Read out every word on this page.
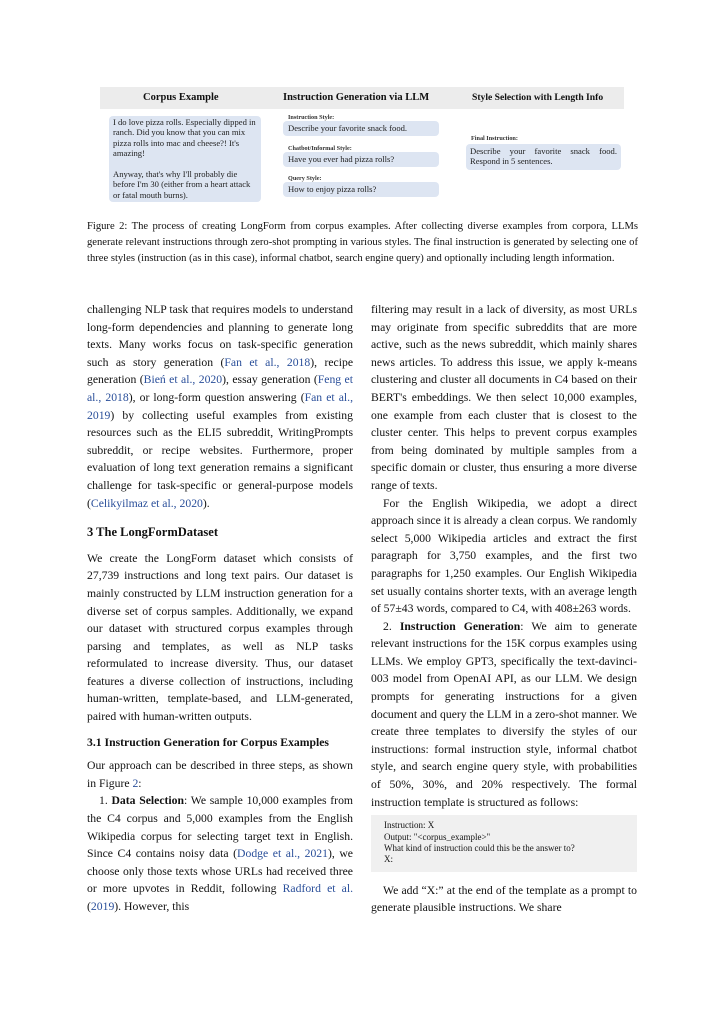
Corpus Example	Instruction Generation via LLM	Style Selection with Length Info
I do love pizza rolls. Especially dipped in ranch. Did you know that you can mix pizza rolls into mac and cheese?! It's amazing!

Anyway, that's why I'll probably die before I'm 30 (either from a heart attack or fatal mouth burns).
Instruction Style:
Describe your favorite snack food.
Chatbot/Informal Style:
Have you ever had pizza rolls?
Query Style:
How to enjoy pizza rolls?
Final Instruction:
Describe your favorite snack food. Respond in 5 sentences.
Figure 2: The process of creating LongForm from corpus examples. After collecting diverse examples from corpora, LLMs generate relevant instructions through zero-shot prompting in various styles. The final instruction is generated by selecting one of three styles (instruction (as in this case), informal chatbot, search engine query) and optionally including length information.

challenging NLP task that requires models to understand long-form dependencies and planning to generate long texts. Many works focus on task-specific generation such as story generation (Fan et al., 2018), recipe generation (Bień et al., 2020), essay generation (Feng et al., 2018), or long-form question answering (Fan et al., 2019) by collecting useful examples from existing resources such as the ELI5 subreddit, WritingPrompts subreddit, or recipe websites. Furthermore, proper evaluation of long text generation remains a significant challenge for task-specific or general-purpose models (Celikyilmaz et al., 2020).

3 The LongFormDataset

We create the LongForm dataset which consists of 27,739 instructions and long text pairs. Our dataset is mainly constructed by LLM instruction generation for a diverse set of corpus samples. Additionally, we expand our dataset with structured corpus examples through parsing and templates, as well as NLP tasks reformulated to increase diversity. Thus, our dataset features a diverse collection of instructions, including human-written, template-based, and LLM-generated, paired with human-written outputs.

3.1 Instruction Generation for Corpus Examples

Our approach can be described in three steps, as shown in Figure 2:

1. Data Selection: We sample 10,000 examples from the C4 corpus and 5,000 examples from the English Wikipedia corpus for selecting target text in English. Since C4 contains noisy data (Dodge et al., 2021), we choose only those texts whose URLs had received three or more upvotes in Reddit, following Radford et al. (2019). However, this

filtering may result in a lack of diversity, as most URLs may originate from specific subreddits that are more active, such as the news subreddit, which mainly shares news articles. To address this issue, we apply k-means clustering and cluster all documents in C4 based on their BERT's embeddings. We then select 10,000 examples, one example from each cluster that is closest to the cluster center. This helps to prevent corpus examples from being dominated by multiple samples from a specific domain or cluster, thus ensuring a more diverse range of texts.

For the English Wikipedia, we adopt a direct approach since it is already a clean corpus. We randomly select 5,000 Wikipedia articles and extract the first paragraph for 3,750 examples, and the first two paragraphs for 1,250 examples. Our English Wikipedia set usually contains shorter texts, with an average length of 57±43 words, compared to C4, with 408±263 words.

2. Instruction Generation: We aim to generate relevant instructions for the 15K corpus examples using LLMs. We employ GPT3, specifically the text-davinci-003 model from OpenAI API, as our LLM. We design prompts for generating instructions for a given document and query the LLM in a zero-shot manner. We create three templates to diversify the styles of our instructions: formal instruction style, informal chatbot style, and search engine query style, with probabilities of 50%, 30%, and 20% respectively. The formal instruction template is structured as follows:

Instruction: X
Output: "<corpus_example>"
What kind of instruction could this be the answer to?
X:

We add “X:” at the end of the template as a prompt to generate plausible instructions. We share
